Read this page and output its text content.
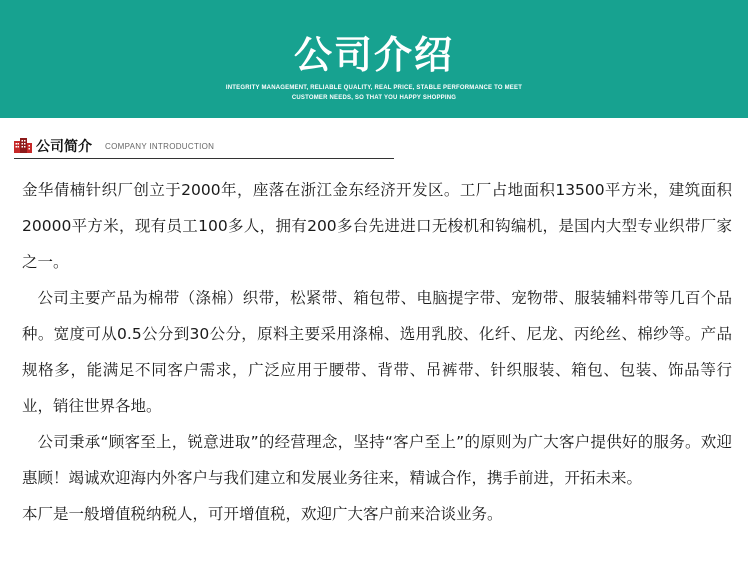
公司介绍
INTEGRITY MANAGEMENT, RELIABLE QUALITY, REAL PRICE, STABLE PERFORMANCE TO MEET
CUSTOMER NEEDS, SO THAT YOU HAPPY SHOPPING
公司简介 COMPANY INTRODUCTION

金华倩楠针织厂创立于2000年，座落在浙江金东经济开发区。工厂占地面积13500平方米，建筑面积20000平方米，现有员工100多人，拥有200多台先进进口无梭机和钩编机，是国内大型专业织带厂家之一。

公司主要产品为棉带（涤棉）织带，松紧带、箱包带、电脑提字带、宠物带、服装辅料带等几百个品种。宽度可从0.5公分到30公分，原料主要采用涤棉、选用乳胶、化纤、尼龙、丙纶丝、棉纱等。产品规格多，能满足不同客户需求，广泛应用于腰带、背带、吊裤带、针织服装、箱包、包装、饰品等行业，销往世界各地。

公司秉承“顾客至上，锐意进取”的经营理念，坚持“客户至上”的原则为广大客户提供好的服务。欢迎惠顾！竭诚欢迎海内外客户与我们建立和发展业务往来，精诚合作，携手前进，开拓未来。

本厂是一般增值税纳税人，可开增值税，欢迎广大客户前来洽谈业务。
